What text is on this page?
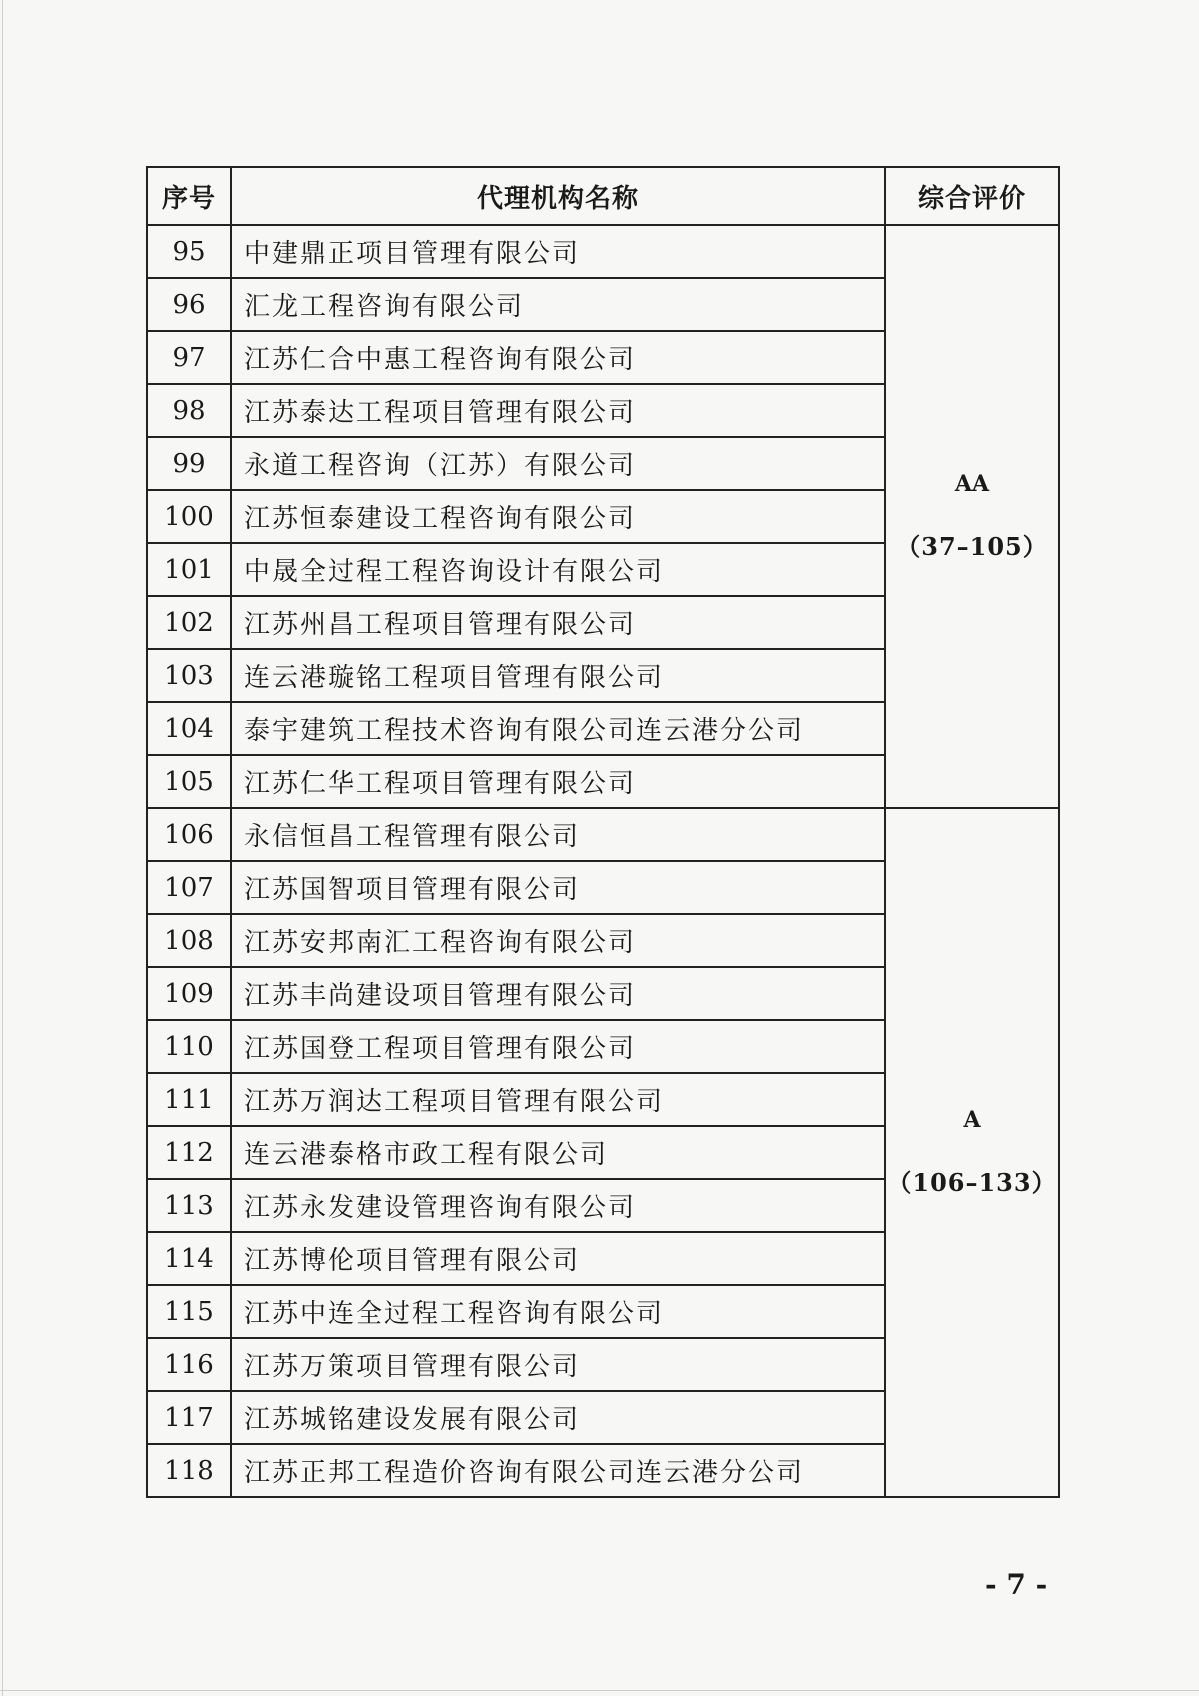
序号	代理机构名称	综合评价
95	中建鼎正项目管理有限公司	AA
（37–105）

96	汇龙工程咨询有限公司	
97	江苏仁合中惠工程咨询有限公司	
98	江苏泰达工程项目管理有限公司	
99	永道工程咨询（江苏）有限公司	
100	江苏恒泰建设工程咨询有限公司	
101	中晟全过程工程咨询设计有限公司	
102	江苏州昌工程项目管理有限公司	
103	连云港璇铭工程项目管理有限公司	
104	泰宇建筑工程技术咨询有限公司连云港分公司	
105	江苏仁华工程项目管理有限公司	
106	永信恒昌工程管理有限公司	A
（106–133）

107	江苏国智项目管理有限公司	
108	江苏安邦南汇工程咨询有限公司	
109	江苏丰尚建设项目管理有限公司	
110	江苏国登工程项目管理有限公司	
111	江苏万润达工程项目管理有限公司	
112	连云港泰格市政工程有限公司	
113	江苏永发建设管理咨询有限公司	
114	江苏博伦项目管理有限公司	
115	江苏中连全过程工程咨询有限公司	
116	江苏万策项目管理有限公司	
117	江苏城铭建设发展有限公司	
118	江苏正邦工程造价咨询有限公司连云港分公司	
- 7 -
